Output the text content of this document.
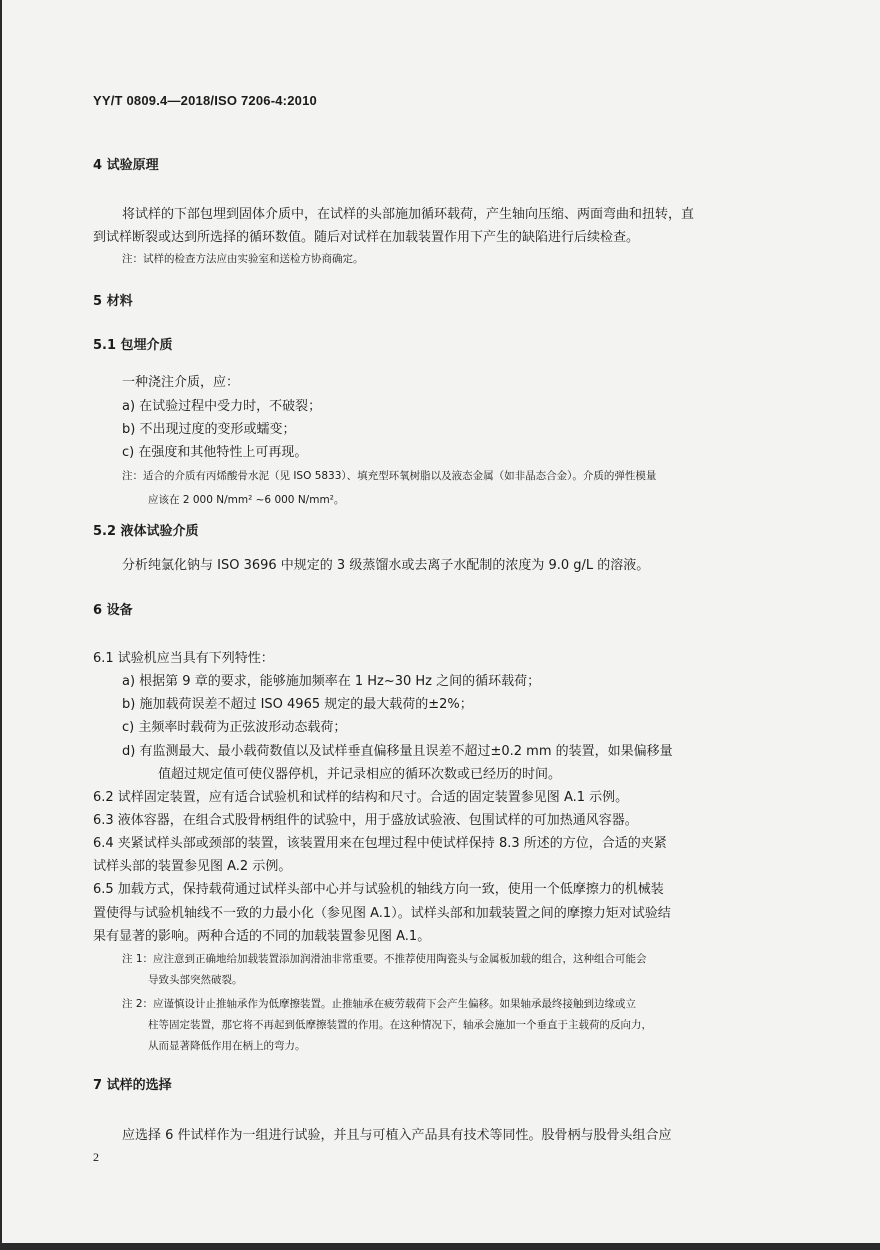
YY/T 0809.4—2018/ISO 7206-4:2010
4 试验原理
将试样的下部包埋到固体介质中，在试样的头部施加循环载荷，产生轴向压缩、两面弯曲和扭转，直
到试样断裂或达到所选择的循环数值。随后对试样在加载装置作用下产生的缺陷进行后续检查。
注：试样的检查方法应由实验室和送检方协商确定。
5 材料
5.1 包埋介质
一种浇注介质，应：
a) 在试验过程中受力时，不破裂；
b) 不出现过度的变形或蠕变；
c) 在强度和其他特性上可再现。
注：适合的介质有丙烯酸骨水泥（见 ISO 5833）、填充型环氧树脂以及液态金属（如非晶态合金）。介质的弹性模量
应该在 2 000 N/mm² ~6 000 N/mm²。
5.2 液体试验介质
分析纯氯化钠与 ISO 3696 中规定的 3 级蒸馏水或去离子水配制的浓度为 9.0 g/L 的溶液。
6 设备
6.1 试验机应当具有下列特性：
a) 根据第 9 章的要求，能够施加频率在 1 Hz~30 Hz 之间的循环载荷；
b) 施加载荷误差不超过 ISO 4965 规定的最大载荷的±2%；
c) 主频率时载荷为正弦波形动态载荷；
d) 有监测最大、最小载荷数值以及试样垂直偏移量且误差不超过±0.2 mm 的装置，如果偏移量
值超过规定值可使仪器停机，并记录相应的循环次数或已经历的时间。
6.2 试样固定装置，应有适合试验机和试样的结构和尺寸。合适的固定装置参见图 A.1 示例。
6.3 液体容器，在组合式股骨柄组件的试验中，用于盛放试验液、包围试样的可加热通风容器。
6.4 夹紧试样头部或颈部的装置，该装置用来在包埋过程中使试样保持 8.3 所述的方位，合适的夹紧
试样头部的装置参见图 A.2 示例。
6.5 加载方式，保持载荷通过试样头部中心并与试验机的轴线方向一致，使用一个低摩擦力的机械装
置使得与试验机轴线不一致的力最小化（参见图 A.1）。试样头部和加载装置之间的摩擦力矩对试验结
果有显著的影响。两种合适的不同的加载装置参见图 A.1。
注 1：应注意到正确地给加载装置添加润滑油非常重要。不推荐使用陶瓷头与金属板加载的组合，这种组合可能会
导致头部突然破裂。
注 2：应谨慎设计止推轴承作为低摩擦装置。止推轴承在疲劳载荷下会产生偏移。如果轴承最终接触到边缘或立
柱等固定装置，那它将不再起到低摩擦装置的作用。在这种情况下，轴承会施加一个垂直于主载荷的反向力，
从而显著降低作用在柄上的弯力。
7 试样的选择
应选择 6 件试样作为一组进行试验，并且与可植入产品具有技术等同性。股骨柄与股骨头组合应
2
